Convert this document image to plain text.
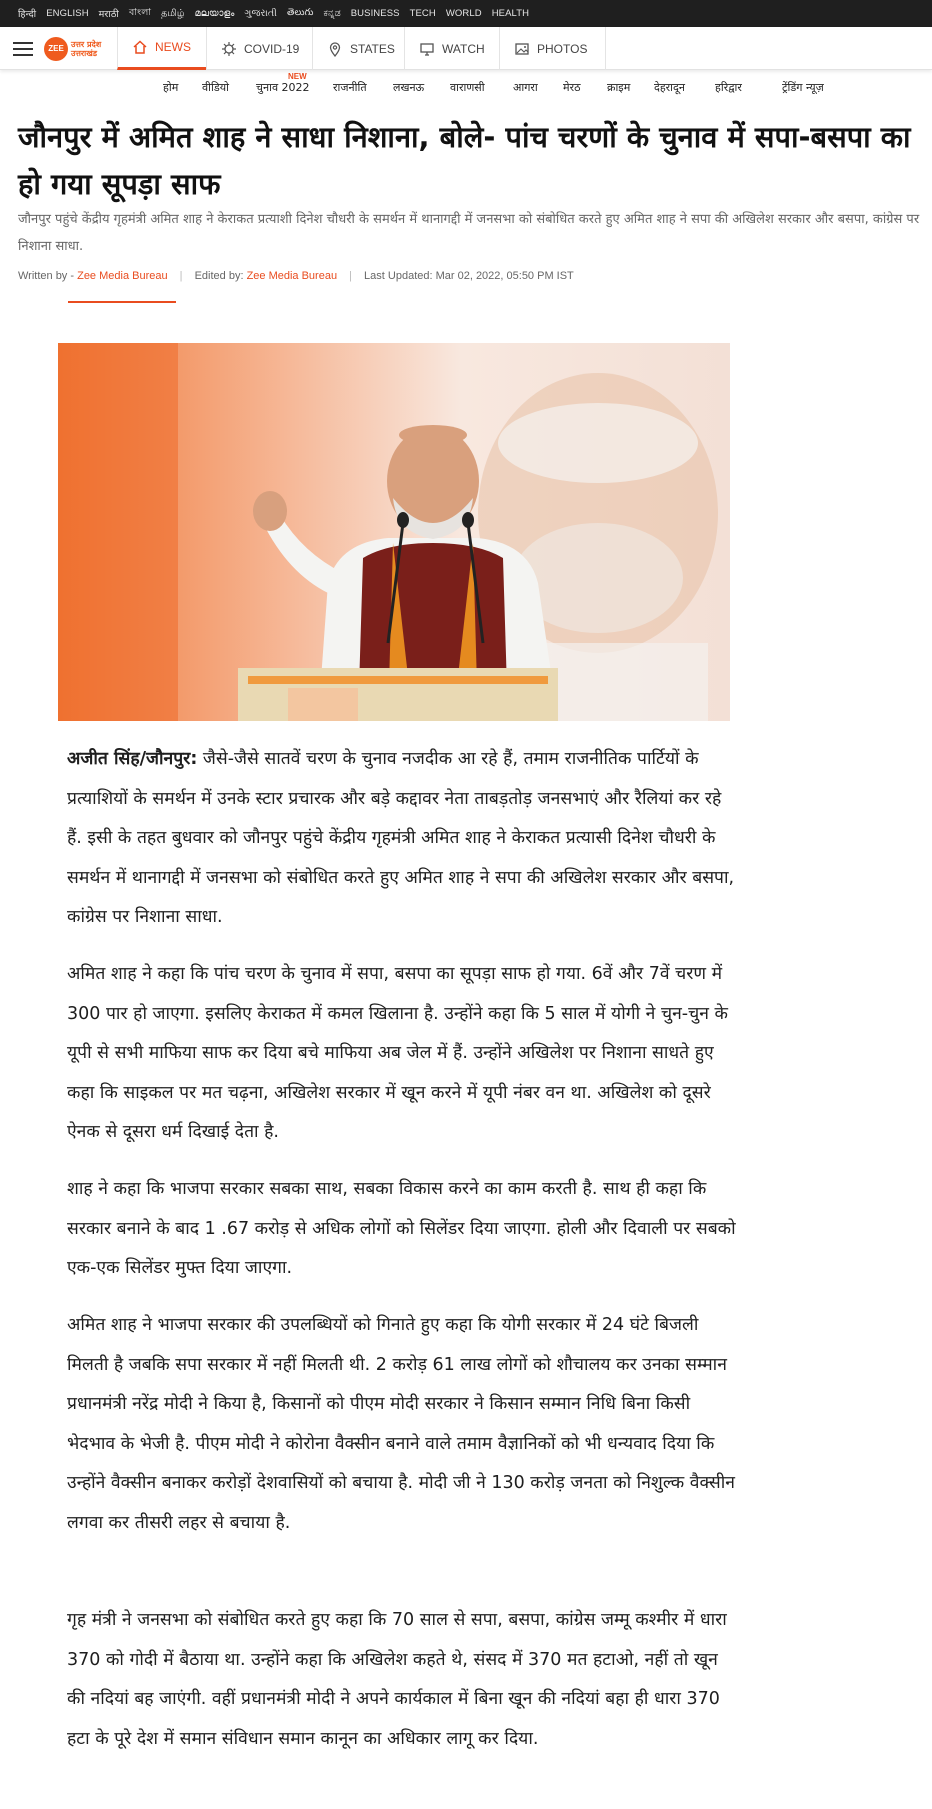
हिन्दी ENGLISH मराठी বাংলা தமிழ் മലയാളം ગુજરાતી తెలుగు ಕನ್ನಡ BUSINESS TECH WORLD HEALTH
ZEE उत्तर प्रदेश
उत्तराखंड	NEWS	COVID-19	STATES	WATCH	PHOTOS
NEW
होम वीडियो चुनाव 2022 राजनीति लखनऊ वाराणसी	आगरा मेरठ क्राइम देहरादून	हरिद्वार	ट्रेंडिंग न्यूज़
जौनपुर में अमित शाह ने साधा निशाना, बोले- पांच चरणों के चुनाव में सपा-बसपा का हो गया सूपड़ा साफ

जौनपुर पहुंचे केंद्रीय गृहमंत्री अमित शाह ने केराकत प्रत्याशी दिनेश चौधरी के समर्थन में थानागद्दी में जनसभा को संबोधित करते हुए अमित शाह ने सपा की अखिलेश सरकार और बसपा, कांग्रेस पर निशाना साधा.

Written by - Zee Media Bureau | Edited by: Zee Media Bureau | Last Updated: Mar 02, 2022, 05:50 PM IST

अजीत सिंह/जौनपुर: जैसे-जैसे सातवें चरण के चुनाव नजदीक आ रहे हैं, तमाम राजनीतिक पार्टियों के प्रत्याशियों के समर्थन में उनके स्टार प्रचारक और बड़े कद्दावर नेता ताबड़तोड़ जनसभाएं और रैलियां कर रहे हैं. इसी के तहत बुधवार को जौनपुर पहुंचे केंद्रीय गृहमंत्री अमित शाह ने केराकत प्रत्यासी दिनेश चौधरी के समर्थन में थानागद्दी में जनसभा को संबोधित करते हुए अमित शाह ने सपा की अखिलेश सरकार और बसपा, कांग्रेस पर निशाना साधा.

अमित शाह ने कहा कि पांच चरण के चुनाव में सपा, बसपा का सूपड़ा साफ हो गया. 6वें और 7वें चरण में 300 पार हो जाएगा. इसलिए केराकत में कमल खिलाना है. उन्होंने कहा कि 5 साल में योगी ने चुन-चुन के यूपी से सभी माफिया साफ कर दिया बचे माफिया अब जेल में हैं. उन्होंने अखिलेश पर निशाना साधते हुए कहा कि साइकल पर मत चढ़ना, अखिलेश सरकार में खून करने में यूपी नंबर वन था. अखिलेश को दूसरे ऐनक से दूसरा धर्म दिखाई देता है.

शाह ने कहा कि भाजपा सरकार सबका साथ, सबका विकास करने का काम करती है. साथ ही कहा कि सरकार बनाने के बाद 1 .67 करोड़ से अधिक लोगों को सिलेंडर दिया जाएगा. होली और दिवाली पर सबको एक-एक सिलेंडर मुफ्त दिया जाएगा.

अमित शाह ने भाजपा सरकार की उपलब्धियों को गिनाते हुए कहा कि योगी सरकार में 24 घंटे बिजली मिलती है जबकि सपा सरकार में नहीं मिलती थी. 2 करोड़ 61 लाख लोगों को शौचालय कर उनका सम्मान प्रधानमंत्री नरेंद्र मोदी ने किया है, किसानों को पीएम मोदी सरकार ने किसान सम्मान निधि बिना किसी भेदभाव के भेजी है. पीएम मोदी ने कोरोना वैक्सीन बनाने वाले तमाम वैज्ञानिकों को भी धन्यवाद दिया कि उन्होंने वैक्सीन बनाकर करोड़ों देशवासियों को बचाया है. मोदी जी ने 130 करोड़ जनता को निशुल्क वैक्सीन लगवा कर तीसरी लहर से बचाया है.

गृह मंत्री ने जनसभा को संबोधित करते हुए कहा कि 70 साल से सपा, बसपा, कांग्रेस जम्मू कश्मीर में धारा 370 को गोदी में बैठाया था. उन्होंने कहा कि अखिलेश कहते थे, संसद में 370 मत हटाओ, नहीं तो खून की नदियां बह जाएंगी. वहीं प्रधानमंत्री मोदी ने अपने कार्यकाल में बिना खून की नदियां बहा ही धारा 370 हटा के पूरे देश में समान संविधान समान कानून का अधिकार लागू कर दिया.
